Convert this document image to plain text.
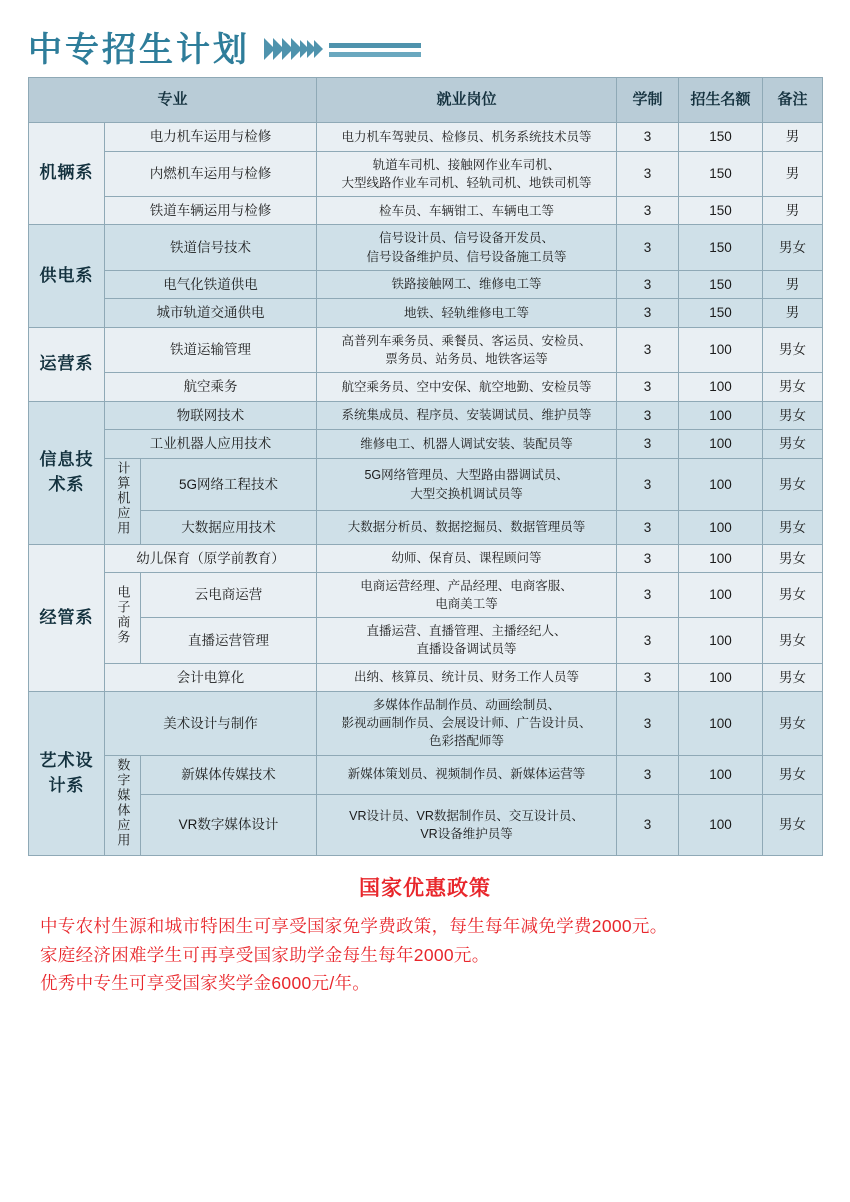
中专招生计划
专业			就业岗位	学制	招生名额	备注
机辆系	电力机车运用与检修		电力机车驾驶员、检修员、机务系统技术员等	3	150	男
	内燃机车运用与检修		轨道车司机、接触网作业车司机、
大型线路作业车司机、轻轨司机、地铁司机等	3	150	男
	铁道车辆运用与检修		检车员、车辆钳工、车辆电工等	3	150	男
供电系	铁道信号技术		信号设计员、信号设备开发员、
信号设备维护员、信号设备施工员等	3	150	男女
	电气化铁道供电		铁路接触网工、维修电工等	3	150	男
	城市轨道交通供电		地铁、轻轨维修电工等	3	150	男
运营系	铁道运输管理		高普列车乘务员、乘餐员、客运员、安检员、
票务员、站务员、地铁客运等	3	100	男女
	航空乘务		航空乘务员、空中安保、航空地勤、安检员等	3	100	男女
信息技术系	物联网技术		系统集成员、程序员、安装调试员、维护员等	3	100	男女
	工业机器人应用技术		维修电工、机器人调试安装、装配员等	3	100	男女
	计算机应用	5G网络工程技术	5G网络管理员、大型路由器调试员、
大型交换机调试员等	3	100	男女
		大数据应用技术	大数据分析员、数据挖掘员、数据管理员等	3	100	男女
经管系	幼儿保育（原学前教育）		幼师、保育员、课程顾问等	3	100	男女
	电子商务	云电商运营	电商运营经理、产品经理、电商客服、
电商美工等	3	100	男女
		直播运营管理	直播运营、直播管理、主播经纪人、
直播设备调试员等	3	100	男女
	会计电算化		出纳、核算员、统计员、财务工作人员等	3	100	男女
艺术设计系	美术设计与制作		多媒体作品制作员、动画绘制员、
影视动画制作员、会展设计师、广告设计员、
色彩搭配师等	3	100	男女
	数字媒体应用	新媒体传媒技术	新媒体策划员、视频制作员、新媒体运营等	3	100	男女
		VR数字媒体设计	VR设计员、VR数据制作员、交互设计员、
VR设备维护员等	3	100	男女
国家优惠政策
中专农村生源和城市特困生可享受国家免学费政策，每生每年减免学费2000元。
家庭经济困难学生可再享受国家助学金每生每年2000元。
优秀中专生可享受国家奖学金6000元/年。
